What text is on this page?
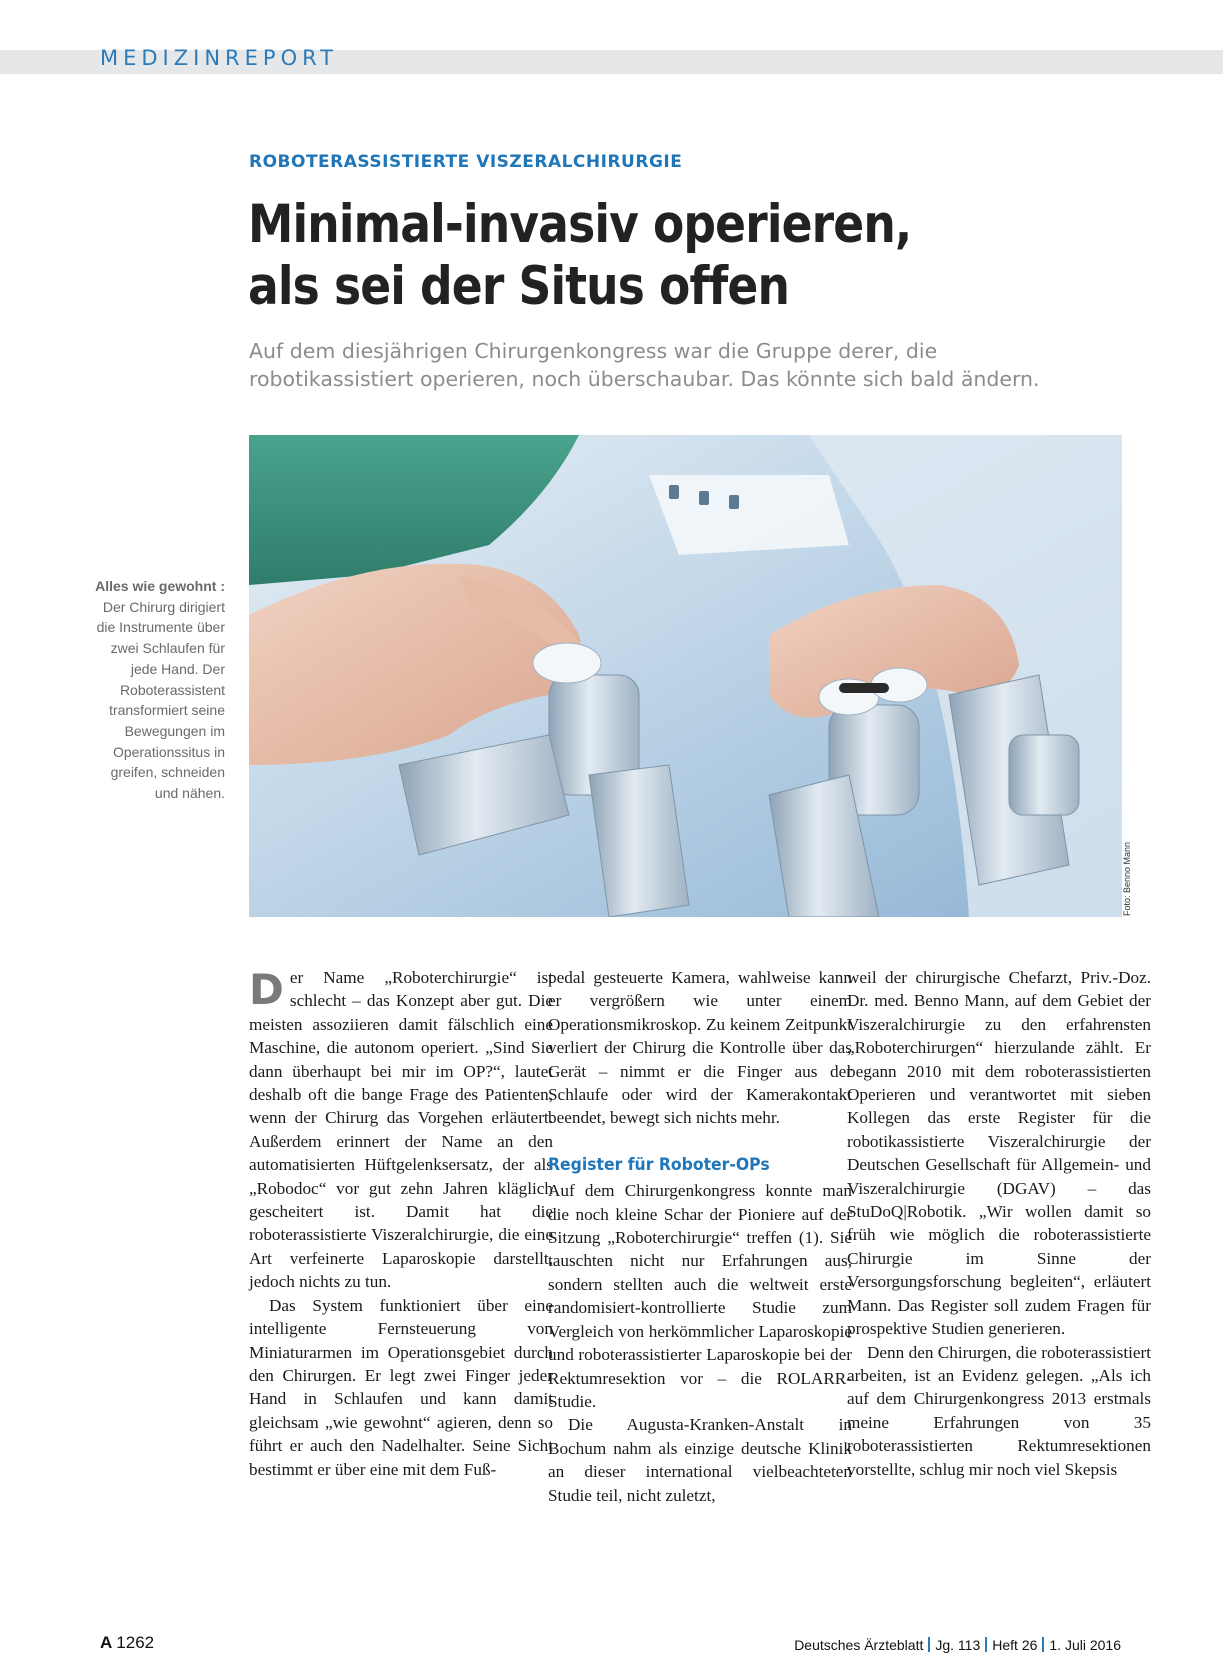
MEDIZINREPORT
ROBOTERASSISTIERTE VISZERALCHIRURGIE
Minimal-invasiv operieren,
als sei der Situs offen

Auf dem diesjährigen Chirurgenkongress war die Gruppe derer, die
robotikassistiert operieren, noch überschaubar. Das könnte sich bald ändern.

Foto: Benno Mann
Alles wie gewohnt : Der Chirurg dirigiert die Instrumente über zwei Schlaufen für jede Hand. Der Roboterassistent transformiert seine Bewegungen im Operationssitus in greifen, schneiden und nähen.

Der Name „Roboterchirurgie“ ist schlecht – das Konzept aber gut. Die meisten assoziieren damit fälschlich eine Maschine, die autonom operiert. „Sind Sie dann überhaupt bei mir im OP?“, lautet deshalb oft die bange Frage des Patienten, wenn der Chirurg das Vorgehen erläutert. Außerdem erinnert der Name an den automatisierten Hüftgelenksersatz, der als „Robodoc“ vor gut zehn Jahren kläglich gescheitert ist. Damit hat die roboterassistierte Viszeralchirurgie, die eine Art verfeinerte Laparoskopie darstellt, jedoch nichts zu tun.

Das System funktioniert über eine intelligente Fernsteuerung von Miniaturarmen im Operationsgebiet durch den Chirurgen. Er legt zwei Finger jeder Hand in Schlaufen und kann damit gleichsam „wie gewohnt“ agieren, denn so führt er auch den Nadelhalter. Seine Sicht bestimmt er über eine mit dem Fuß-

pedal gesteuerte Kamera, wahlweise kann er vergrößern wie unter einem Operationsmikroskop. Zu keinem Zeitpunkt verliert der Chirurg die Kontrolle über das Gerät – nimmt er die Finger aus der Schlaufe oder wird der Kamerakontakt beendet, bewegt sich nichts mehr.

Register für Roboter-OPs

Auf dem Chirurgenkongress konnte man die noch kleine Schar der Pioniere auf der Sitzung „Roboterchirurgie“ treffen (1). Sie tauschten nicht nur Erfahrungen aus, sondern stellten auch die weltweit erste randomisiert-kontrollierte Studie zum Vergleich von herkömmlicher Laparoskopie und roboterassistierter Laparoskopie bei der Rektumresektion vor – die ROLARR-Studie.

Die Augusta-Kranken-Anstalt in Bochum nahm als einzige deutsche Klinik an dieser international vielbeachteten Studie teil, nicht zuletzt,

weil der chirurgische Chefarzt, Priv.-Doz. Dr. med. Benno Mann, auf dem Gebiet der Viszeralchirurgie zu den erfahrensten „Roboterchirurgen“ hierzulande zählt. Er begann 2010 mit dem roboterassistierten Operieren und verantwortet mit sieben Kollegen das erste Register für die robotikassistierte Viszeralchirurgie der Deutschen Gesellschaft für Allgemein- und Viszeralchirurgie (DGAV) – das StuDoQ|Robotik. „Wir wollen damit so früh wie möglich die roboterassistierte Chirurgie im Sinne der Versorgungsforschung begleiten“, erläutert Mann. Das Register soll zudem Fragen für prospektive Studien generieren.

Denn den Chirurgen, die roboterassistiert arbeiten, ist an Evidenz gelegen. „Als ich auf dem Chirurgenkongress 2013 erstmals meine Erfahrungen von 35 roboterassistierten Rektumresektionen vorstellte, schlug mir noch viel Skepsis

A 1262	Deutsches Ärzteblatt Jg. 113 Heft 26 1. Juli 2016
